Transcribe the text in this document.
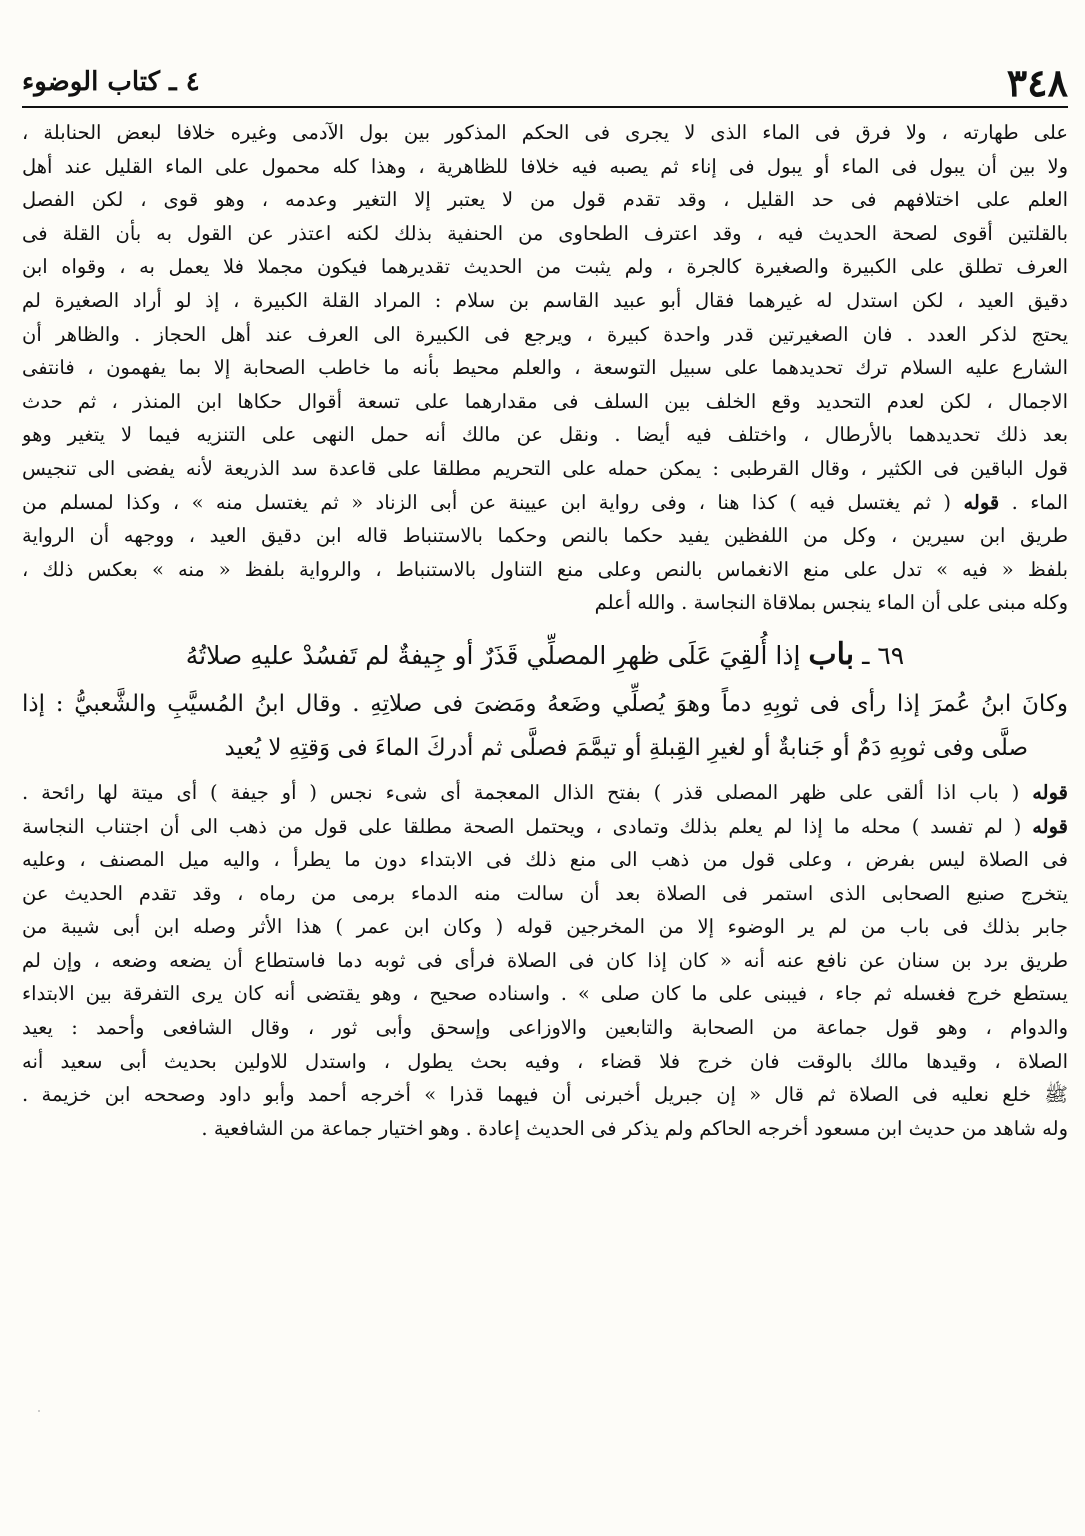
٣٤٨
٤ ـ كتاب الوضوء
على طهارته ، ولا فرق فى الماء الذى لا يجرى فى الحكم المذكور بين بول الآدمى وغيره خلافا لبعض الحنابلة ،
ولا بين أن يبول فى الماء أو يبول فى إناء ثم يصبه فيه خلافا للظاهرية ، وهذا كله محمول على الماء القليل عند أهل
العلم على اختلافهم فى حد القليل ، وقد تقدم قول من لا يعتبر إلا التغير وعدمه ، وهو قوى ، لكن الفصل
بالقلتين أقوى لصحة الحديث فيه ، وقد اعترف الطحاوى من الحنفية بذلك لكنه اعتذر عن القول به بأن القلة فى
العرف تطلق على الكبيرة والصغيرة كالجرة ، ولم يثبت من الحديث تقديرهما فيكون مجملا فلا يعمل به ، وقواه ابن
دقيق العيد ، لكن استدل له غيرهما فقال أبو عبيد القاسم بن سلام : المراد القلة الكبيرة ، إذ لو أراد الصغيرة لم
يحتج لذكر العدد . فان الصغيرتين قدر واحدة كبيرة ، ويرجع فى الكبيرة الى العرف عند أهل الحجاز . والظاهر أن
الشارع عليه السلام ترك تحديدهما على سبيل التوسعة ، والعلم محيط بأنه ما خاطب الصحابة إلا بما يفهمون ، فانتفى
الاجمال ، لكن لعدم التحديد وقع الخلف بين السلف فى مقدارهما على تسعة أقوال حكاها ابن المنذر ، ثم حدث
بعد ذلك تحديدهما بالأرطال ، واختلف فيه أيضا . ونقل عن مالك أنه حمل النهى على التنزيه فيما لا يتغير وهو
قول الباقين فى الكثير ، وقال القرطبى : يمكن حمله على التحريم مطلقا على قاعدة سد الذريعة لأنه يفضى الى تنجيس
الماء . قوله ( ثم يغتسل فيه ) كذا هنا ، وفى رواية ابن عيينة عن أبى الزناد « ثم يغتسل منه » ، وكذا لمسلم من
طريق ابن سيرين ، وكل من اللفظين يفيد حكما بالنص وحكما بالاستنباط قاله ابن دقيق العيد ، ووجهه أن الرواية
بلفظ « فيه » تدل على منع الانغماس بالنص وعلى منع التناول بالاستنباط ، والرواية بلفظ « منه » بعكس ذلك ،
وكله مبنى على أن الماء ينجس بملاقاة النجاسة . والله أعلم
٦٩ ـ باب إذا أُلقِيَ عَلَى ظهرِ المصلِّي قَذَرٌ أو جِيفةٌ لم تَفسُدْ عليهِ صلاتُهُ
وكانَ ابنُ عُمرَ إذا رأى فى ثوبِهِ دماً وهوَ يُصلِّي وضَعهُ ومَضىَ فى صلاتِهِ . وقال ابنُ المُسيَّبِ والشَّعبيُّ : إذا
صلَّى وفى ثوبِهِ دَمٌ أو جَنابةٌ أو لغيرِ القِبلةِ أو تيمَّمَ فصلَّى ثم أدركَ الماءَ فى وَقتِهِ لا يُعيد
قوله ( باب اذا ألقى على ظهر المصلى قذر ) بفتح الذال المعجمة أى شىء نجس ( أو جيفة ) أى ميتة لها رائحة .
قوله ( لم تفسد ) محله ما إذا لم يعلم بذلك وتمادى ، ويحتمل الصحة مطلقا على قول من ذهب الى أن اجتناب النجاسة
فى الصلاة ليس بفرض ، وعلى قول من ذهب الى منع ذلك فى الابتداء دون ما يطرأ ، واليه ميل المصنف ، وعليه
يتخرج صنيع الصحابى الذى استمر فى الصلاة بعد أن سالت منه الدماء برمى من رماه ، وقد تقدم الحديث عن
جابر بذلك فى باب من لم ير الوضوء إلا من المخرجين قوله ( وكان ابن عمر ) هذا الأثر وصله ابن أبى شيبة من
طريق برد بن سنان عن نافع عنه أنه « كان إذا كان فى الصلاة فرأى فى ثوبه دما فاستطاع أن يضعه وضعه ، وإن لم
يستطع خرج فغسله ثم جاء ، فيبنى على ما كان صلى » . واسناده صحيح ، وهو يقتضى أنه كان يرى التفرقة بين الابتداء
والدوام ، وهو قول جماعة من الصحابة والتابعين والاوزاعى وإسحق وأبى ثور ، وقال الشافعى وأحمد : يعيد
الصلاة ، وقيدها مالك بالوقت فان خرج فلا قضاء ، وفيه بحث يطول ، واستدل للاولين بحديث أبى سعيد أنه
ﷺ خلع نعليه فى الصلاة ثم قال « إن جبريل أخبرنى أن فيهما قذرا » أخرجه أحمد وأبو داود وصححه ابن خزيمة .
وله شاهد من حديث ابن مسعود أخرجه الحاكم ولم يذكر فى الحديث إعادة . وهو اختيار جماعة من الشافعية .
